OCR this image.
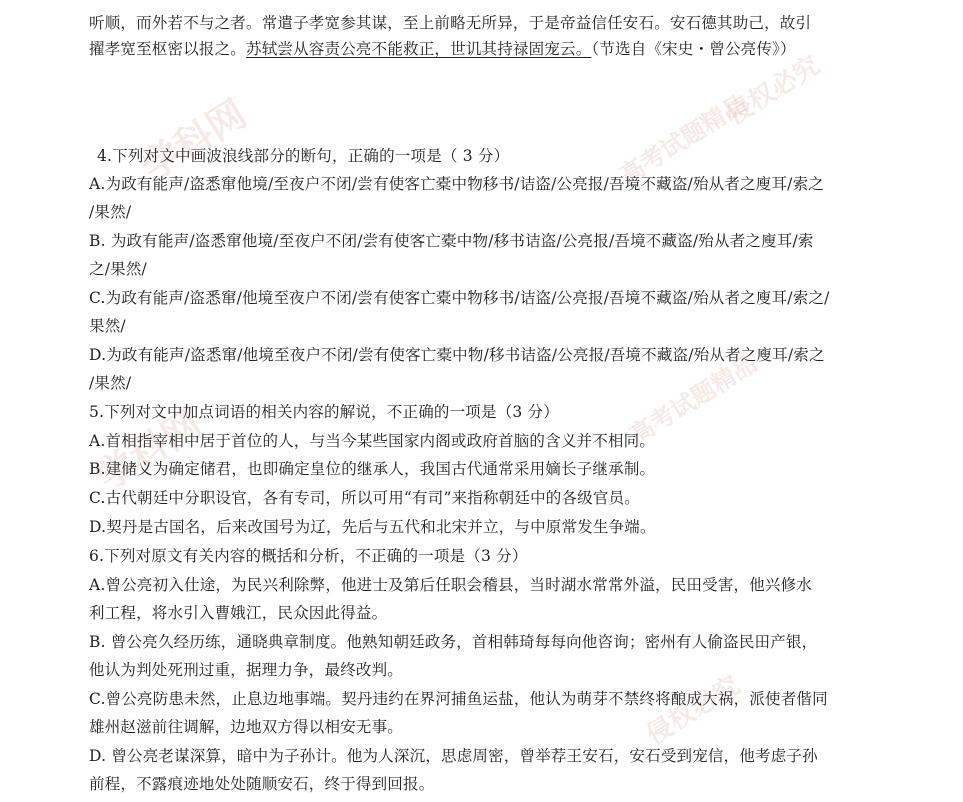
学科网	高考试题精品
侵权必究
学科网
高考试题精品
侵权必究
听顺，而外若不与之者。常遣子孝宽参其谋，至上前略无所异，于是帝益信任安石。安石德其助己，故引
擢孝宽至枢密以报之。苏轼尝从容责公亮不能救正，世讥其持禄固宠云。（节选自《宋史・曾公亮传》）
4.下列对文中画波浪线部分的断句，正确的一项是（ 3 分）
A.为政有能声/盗悉窜他境/至夜户不闭/尝有使客亡橐中物移书/诘盗/公亮报/吾境不藏盗/殆从者之廋耳/索之
/果然/
B. 为政有能声/盗悉窜他境/至夜户不闭/尝有使客亡橐中物/移书诘盗/公亮报/吾境不藏盗/殆从者之廋耳/索
之/果然/
C.为政有能声/盗悉窜/他境至夜户不闭/尝有使客亡橐中物移书/诘盗/公亮报/吾境不藏盗/殆从者之廋耳/索之/
果然/
D.为政有能声/盗悉窜/他境至夜户不闭/尝有使客亡橐中物/移书诘盗/公亮报/吾境不藏盗/殆从者之廋耳/索之
/果然/
5.下列对文中加点词语的相关内容的解说，不正确的一项是（3 分）
A.首相指宰相中居于首位的人，与当今某些国家内阁或政府首脑的含义并不相同。
B.建储义为确定储君，也即确定皇位的继承人，我国古代通常采用嫡长子继承制。
C.古代朝廷中分职设官，各有专司，所以可用“有司”来指称朝廷中的各级官员。
D.契丹是古国名，后来改国号为辽，先后与五代和北宋并立，与中原常发生争端。
6.下列对原文有关内容的概括和分析，不正确的一项是（3 分）
A.曾公亮初入仕途，为民兴利除弊，他进士及第后任职会稽县，当时湖水常常外溢，民田受害，他兴修水
利工程，将水引入曹娥江，民众因此得益。
B. 曾公亮久经历练，通晓典章制度。他熟知朝廷政务，首相韩琦每每向他咨询；密州有人偷盗民田产银，
他认为判处死刑过重，据理力争，最终改判。
C.曾公亮防患未然，止息边地事端。契丹违约在界河捕鱼运盐，他认为萌芽不禁终将酿成大祸，派使者偕同
雄州赵滋前往调解，边地双方得以相安无事。
D. 曾公亮老谋深算，暗中为子孙计。他为人深沉，思虑周密，曾举荐王安石，安石受到宠信，他考虑子孙
前程，不露痕迹地处处随顺安石，终于得到回报。
